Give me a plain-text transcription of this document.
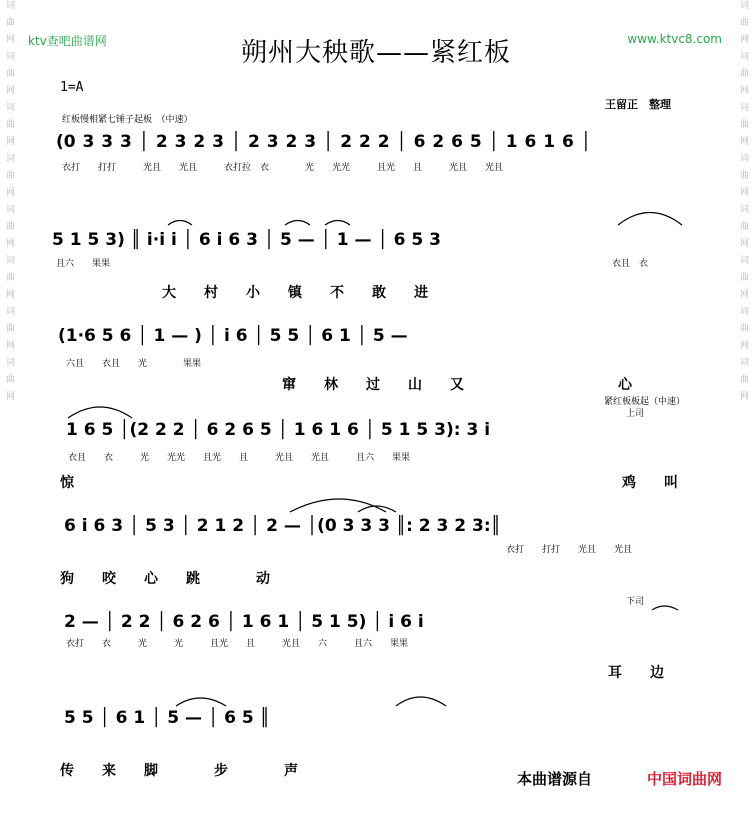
词曲网词曲网词曲网词曲网词曲网词曲网词曲网词曲网	词曲网词曲网词曲网词曲网词曲网词曲网词曲网词曲网
ktv查吧曲谱网	www.ktvc8.com
朔州大秧歌——紧红板
1=A
王留正　整理
红板慢相紧七锤子起板　（中速）
(0 3 3 3 │ 2 3 2 3 │ 2 3 2 3 │ 2 2 2 │ 6 2 6 5 │ 1 6 1 6 │
衣打　　打打　　　光且　　光且　　　衣打拉　衣　　　　光　　光光　　　且光　　且　　　光且　　光且
5 1 5 3) ║ i·i i │ 6 i 6 3 │ 5 — │ 1 — │ 6 5 3
且六　　果果	衣且　衣
大　　村　　小　　镇　　不　　敢　　进
(1·6 5 6 │ 1 — ) │ i 6 │ 5 5 │ 6 1 │ 5 —
六且　　衣且　　光　　　　果果
窜　　林　　过　　山　　又	心
紧红板板起（中速）
上司
1 6 5 │(2 2 2 │ 6 2 6 5 │ 1 6 1 6 │ 5 1 5 3): 3 i
衣且　　衣　　　光　　光光　　且光　　且　　　光且　　光且　　　且六　　果果
惊	鸡　　叫
6 i 6 3 │ 5 3 │ 2 1 2 │ 2 — │(0 3 3 3 ║: 2 3 2 3:║
衣打　　打打　　光且　　光且
狗　　咬　　心　　跳　　　　动
下司
2 — │ 2 2 │ 6 2 6 │ 1 6 1 │ 5 1 5) │ i 6 i
衣打　　衣　　　光　　　光　　　且光　　且　　　光且　　六　　　且六　　果果
耳　　边
5 5 │ 6 1 │ 5 — │ 6 5 ║
传　　来　　脚　　　　步　　　　声	本曲谱源自	中国词曲网
